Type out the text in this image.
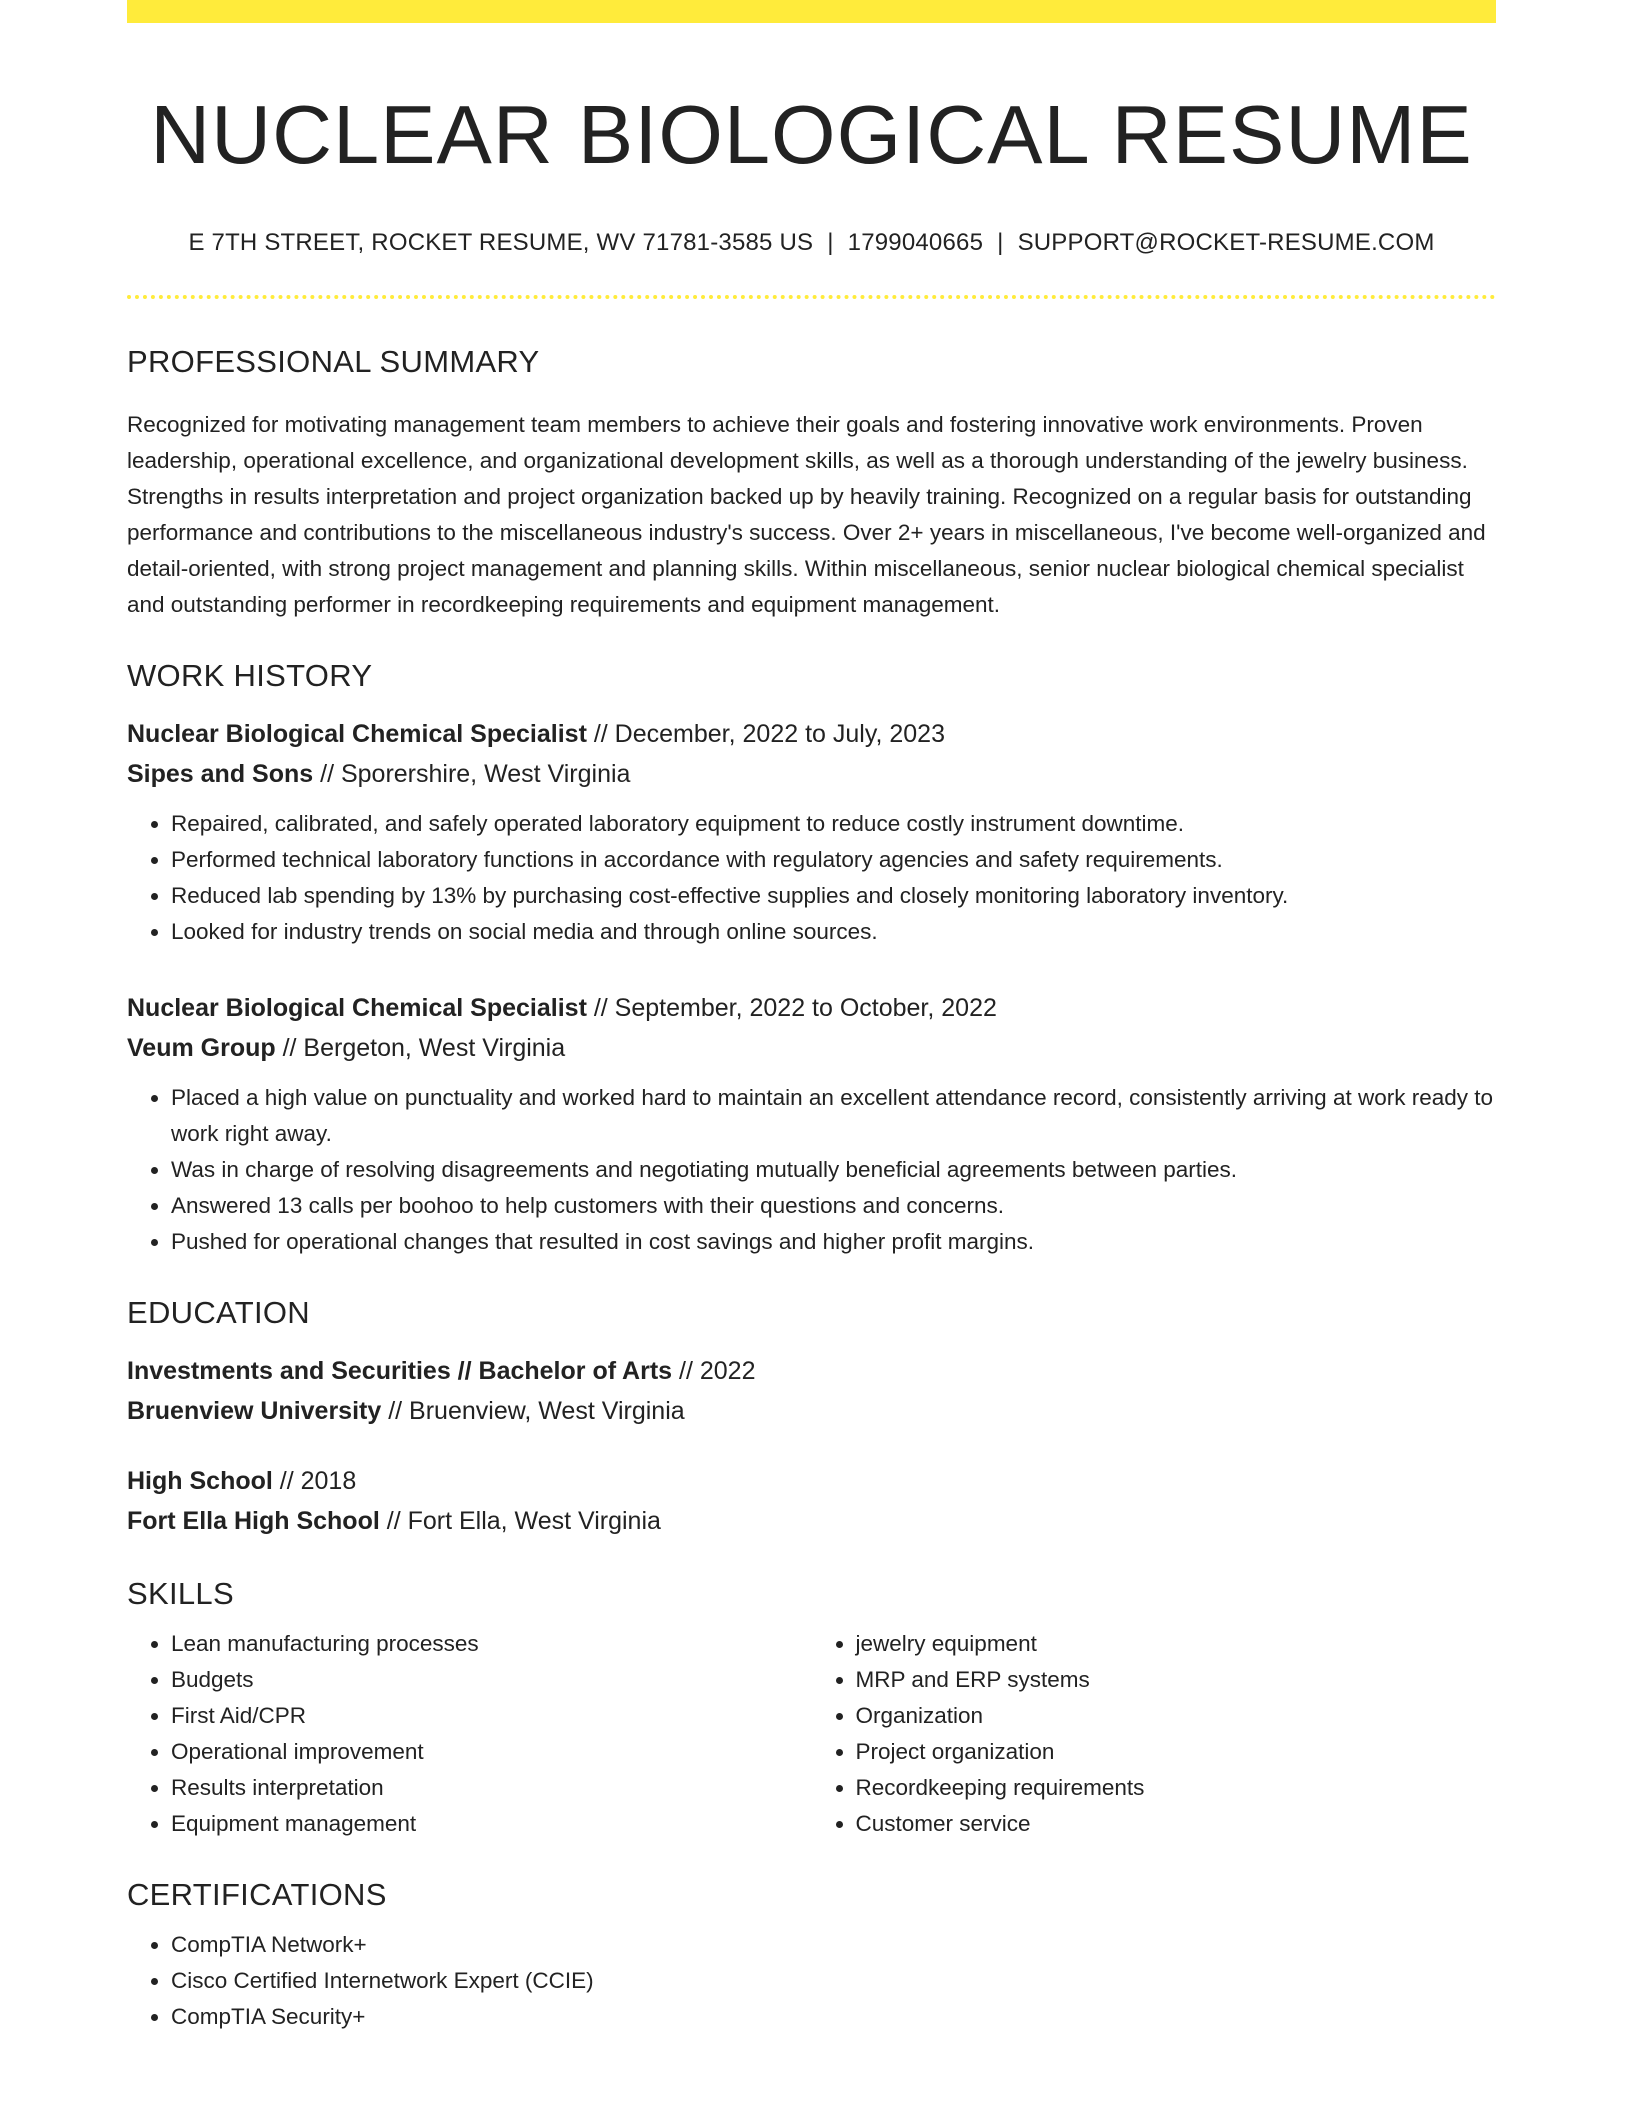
NUCLEAR BIOLOGICAL RESUME
E 7TH STREET, ROCKET RESUME, WV 71781-3585 US | 1799040665 | SUPPORT@ROCKET-RESUME.COM
PROFESSIONAL SUMMARY
Recognized for motivating management team members to achieve their goals and fostering innovative work environments. Proven leadership, operational excellence, and organizational development skills, as well as a thorough understanding of the jewelry business. Strengths in results interpretation and project organization backed up by heavily training. Recognized on a regular basis for outstanding performance and contributions to the miscellaneous industry's success. Over 2+ years in miscellaneous, I've become well-organized and detail-oriented, with strong project management and planning skills. Within miscellaneous, senior nuclear biological chemical specialist and outstanding performer in recordkeeping requirements and equipment management.
WORK HISTORY
Nuclear Biological Chemical Specialist // December, 2022 to July, 2023
Sipes and Sons // Sporershire, West Virginia
• Repaired, calibrated, and safely operated laboratory equipment to reduce costly instrument downtime.
• Performed technical laboratory functions in accordance with regulatory agencies and safety requirements.
• Reduced lab spending by 13% by purchasing cost-effective supplies and closely monitoring laboratory inventory.
• Looked for industry trends on social media and through online sources.
Nuclear Biological Chemical Specialist // September, 2022 to October, 2022
Veum Group // Bergeton, West Virginia
• Placed a high value on punctuality and worked hard to maintain an excellent attendance record, consistently arriving at work ready to work right away.
• Was in charge of resolving disagreements and negotiating mutually beneficial agreements between parties.
• Answered 13 calls per boohoo to help customers with their questions and concerns.
• Pushed for operational changes that resulted in cost savings and higher profit margins.
EDUCATION
Investments and Securities // Bachelor of Arts // 2022
Bruenview University // Bruenview, West Virginia
High School // 2018
Fort Ella High School // Fort Ella, West Virginia
SKILLS
• Lean manufacturing processes
• Budgets
• First Aid/CPR
• Operational improvement
• Results interpretation
• Equipment management
• jewelry equipment
• MRP and ERP systems
• Organization
• Project organization
• Recordkeeping requirements
• Customer service
CERTIFICATIONS
• CompTIA Network+
• Cisco Certified Internetwork Expert (CCIE)
• CompTIA Security+
